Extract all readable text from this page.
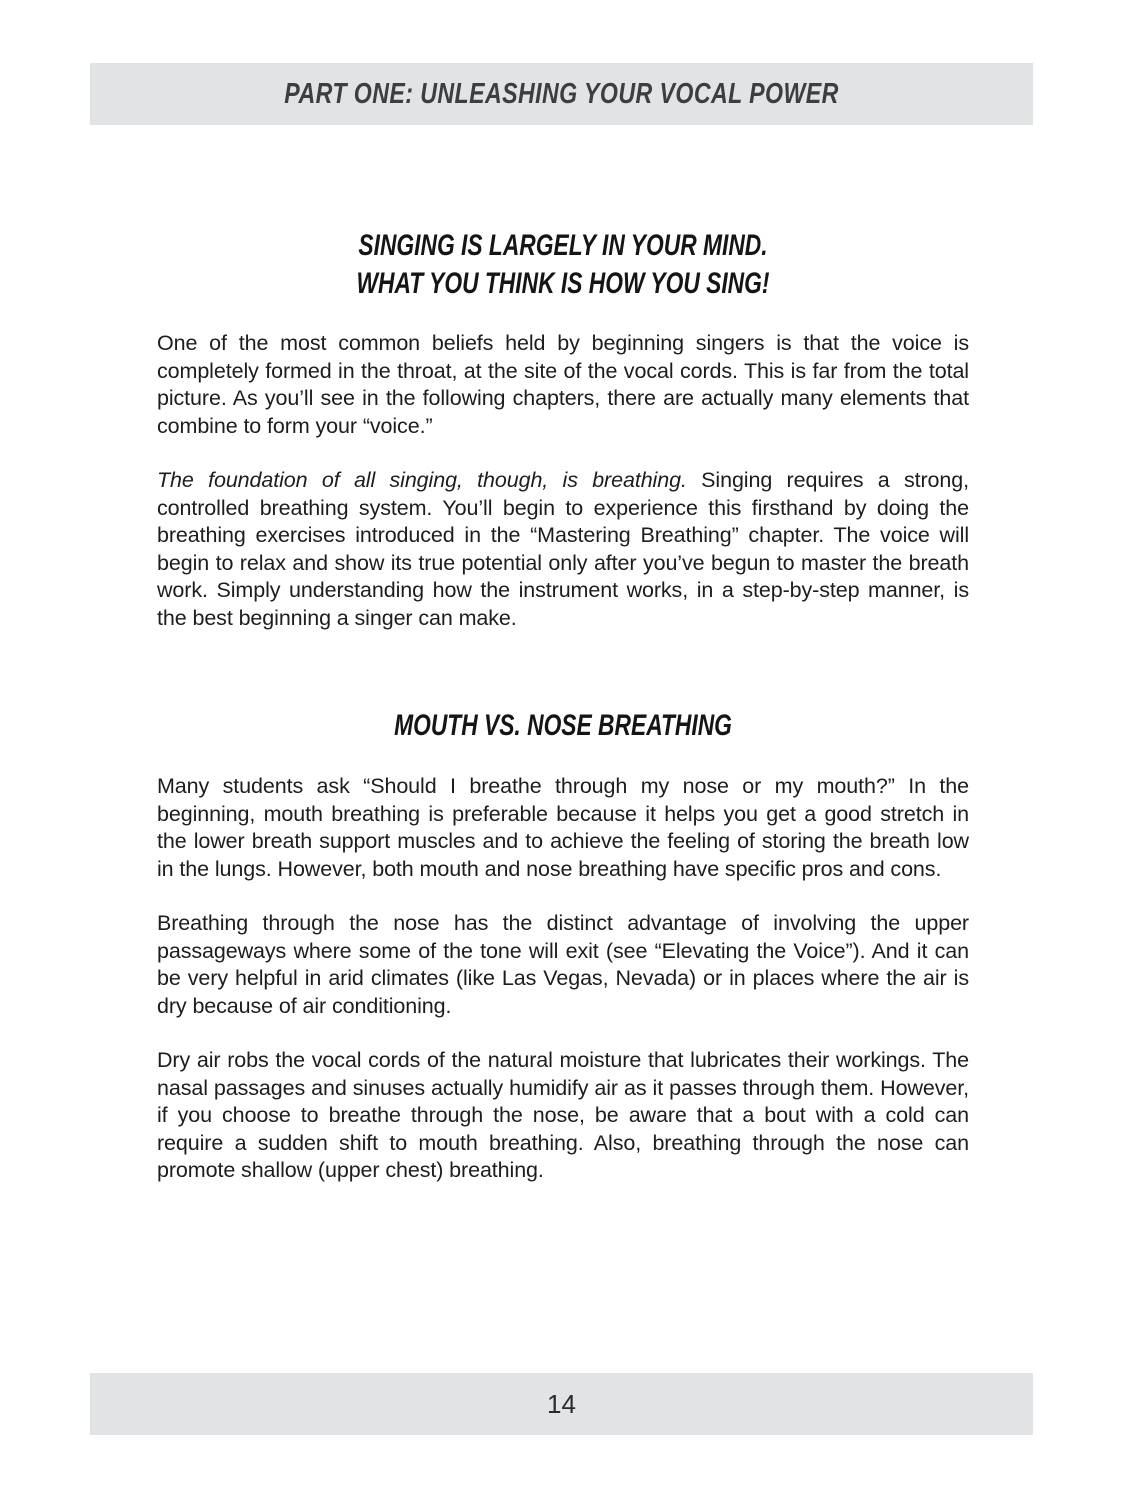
PART ONE: UNLEASHING YOUR VOCAL POWER
SINGING IS LARGELY IN YOUR MIND.
WHAT YOU THINK IS HOW YOU SING!

One of the most common beliefs held by beginning singers is that the voice is completely formed in the throat, at the site of the vocal cords. This is far from the total picture. As you’ll see in the following chapters, there are actually many elements that combine to form your “voice.”

The foundation of all singing, though, is breathing. Singing requires a strong, controlled breathing system. You’ll begin to experience this firsthand by doing the breathing exercises introduced in the “Mastering Breathing” chapter. The voice will begin to relax and show its true potential only after you’ve begun to master the breath work. Simply understanding how the instrument works, in a step-by-step manner, is the best beginning a singer can make.

MOUTH VS. NOSE BREATHING

Many students ask “Should I breathe through my nose or my mouth?” In the beginning, mouth breathing is preferable because it helps you get a good stretch in the lower breath support muscles and to achieve the feeling of storing the breath low in the lungs. However, both mouth and nose breathing have specific pros and cons.

Breathing through the nose has the distinct advantage of involving the upper passageways where some of the tone will exit (see “Elevating the Voice”). And it can be very helpful in arid climates (like Las Vegas, Nevada) or in places where the air is dry because of air conditioning.

Dry air robs the vocal cords of the natural moisture that lubricates their workings. The nasal passages and sinuses actually humidify air as it passes through them. However, if you choose to breathe through the nose, be aware that a bout with a cold can require a sudden shift to mouth breathing. Also, breathing through the nose can promote shallow (upper chest) breathing.

14
